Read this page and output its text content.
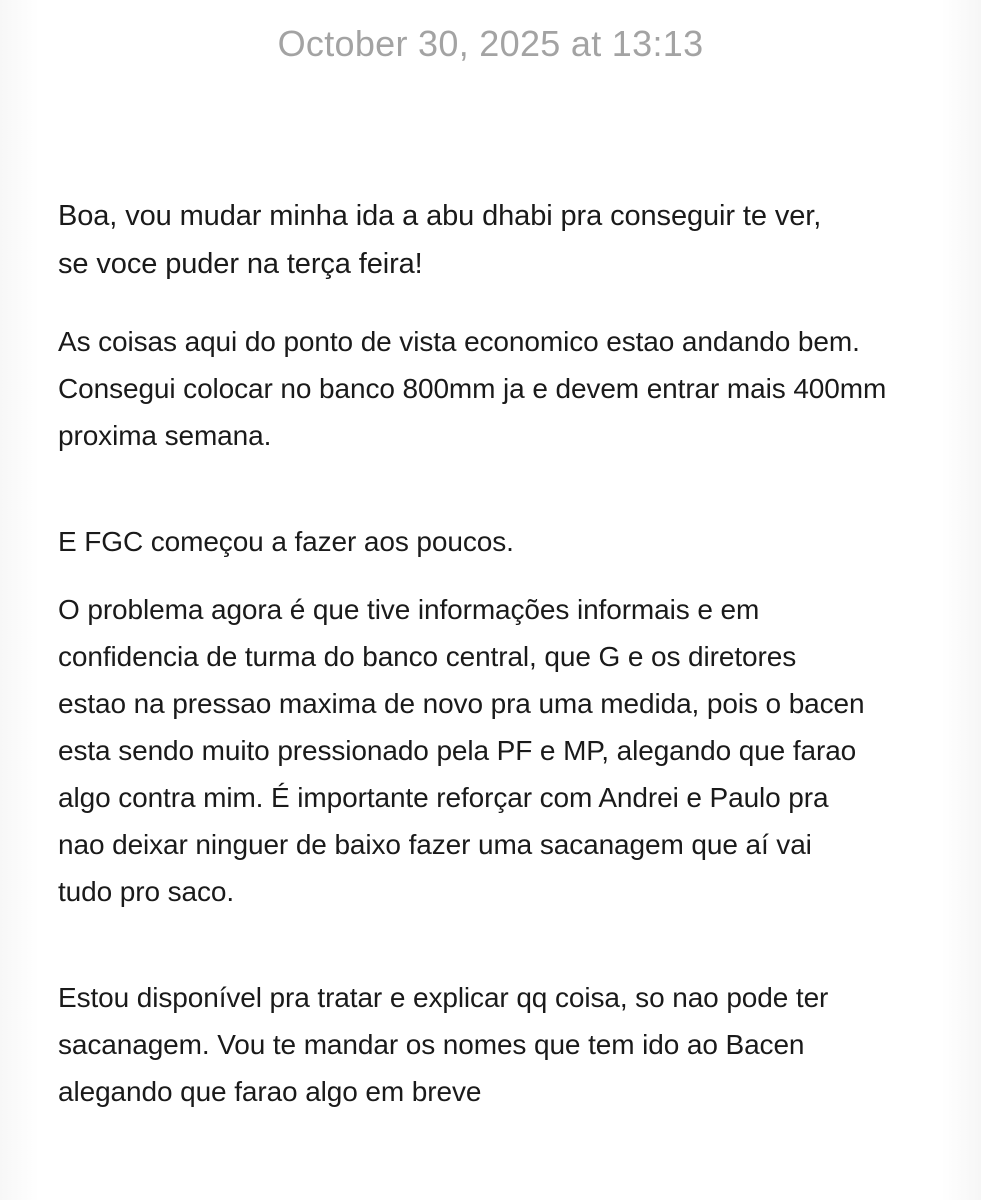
October 30, 2025 at 13:13

Boa, vou mudar minha ida a abu dhabi pra conseguir te ver,
se voce puder na terça feira!

As coisas aqui do ponto de vista economico estao andando bem.
Consegui colocar no banco 800mm ja e devem entrar mais 400mm
proxima semana.

E FGC começou a fazer aos poucos.

O problema agora é que tive informações informais e em
confidencia de turma do banco central, que G e os diretores
estao na pressao maxima de novo pra uma medida, pois o bacen
esta sendo muito pressionado pela PF e MP, alegando que farao
algo contra mim. É importante reforçar com Andrei e Paulo pra
nao deixar ninguer de baixo fazer uma sacanagem que aí vai
tudo pro saco.

Estou disponível pra tratar e explicar qq coisa, so nao pode ter
sacanagem. Vou te mandar os nomes que tem ido ao Bacen
alegando que farao algo em breve
